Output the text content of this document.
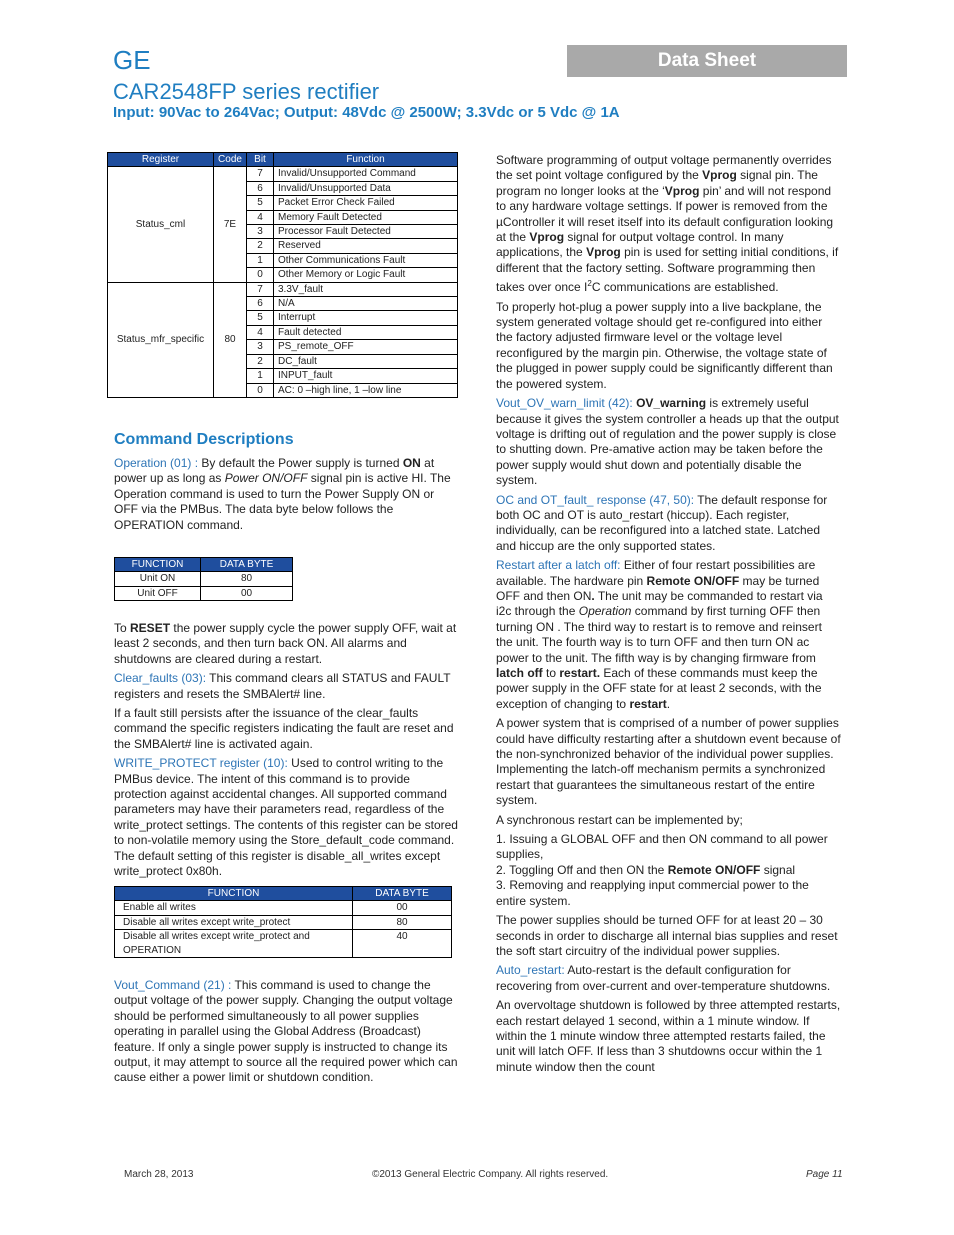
GE	Data Sheet
CAR2548FP series rectifier
Input: 90Vac to 264Vac; Output: 48Vdc @ 2500W; 3.3Vdc or 5 Vdc @ 1A
Register	Code	Bit	Function
Status_cml	7E	7	Invalid/Unsupported Command
		6	Invalid/Unsupported Data
		5	Packet Error Check Failed
		4	Memory Fault Detected
		3	Processor Fault Detected
		2	Reserved
		1	Other Communications Fault
		0	Other Memory or Logic Fault
Status_mfr_specific	80	7	3.3V_fault
		6	N/A
		5	Interrupt
		4	Fault detected
		3	PS_remote_OFF
		2	DC_fault
		1	INPUT_fault
		0	AC: 0 –high line, 1 –low line
Command Descriptions

Operation (01) : By default the Power supply is turned ON at power up as long as Power ON/OFF signal pin is active HI. The Operation command is used to turn the Power Supply ON or OFF via the PMBus. The data byte below follows the OPERATION command.

FUNCTION	DATA BYTE
Unit ON	80
Unit OFF	00

To RESET the power supply cycle the power supply OFF, wait at least 2 seconds, and then turn back ON. All alarms and shutdowns are cleared during a restart.

Clear_faults (03): This command clears all STATUS and FAULT registers and resets the SMBAlert# line.

If a fault still persists after the issuance of the clear_faults command the specific registers indicating the fault are reset and the SMBAlert# line is activated again.

WRITE_PROTECT register (10): Used to control writing to the PMBus device. The intent of this command is to provide protection against accidental changes. All supported command parameters may have their parameters read, regardless of the write_protect settings. The contents of this register can be stored to non-volatile memory using the Store_default_code command. The default setting of this register is disable_all_writes except write_protect 0x80h.

FUNCTION	DATA BYTE
Enable all writes	00
Disable all writes except write_protect	80
Disable all writes except write_protect and OPERATION	40

Vout_Command (21) : This command is used to change the output voltage of the power supply. Changing the output voltage should be performed simultaneously to all power supplies operating in parallel using the Global Address (Broadcast) feature. If only a single power supply is instructed to change its output, it may attempt to source all the required power which can cause either a power limit or shutdown condition.

Software programming of output voltage permanently overrides the set point voltage configured by the Vprog signal pin. The program no longer looks at the ‘Vprog pin’ and will not respond to any hardware voltage settings. If power is removed from the µController it will reset itself into its default configuration looking at the Vprog signal for output voltage control. In many applications, the Vprog pin is used for setting initial conditions, if different that the factory setting. Software programming then takes over once $I^2C$ communications are established.

To properly hot-plug a power supply into a live backplane, the system generated voltage should get re-configured into either the factory adjusted firmware level or the voltage level reconfigured by the margin pin. Otherwise, the voltage state of the plugged in power supply could be significantly different than the powered system.

Vout_OV_warn_limit (42): OV_warning is extremely useful because it gives the system controller a heads up that the output voltage is drifting out of regulation and the power supply is close to shutting down. Pre-amative action may be taken before the power supply would shut down and potentially disable the system.

OC and OT_fault_ response (47, 50): The default response for both OC and OT is auto_restart (hiccup). Each register, individually, can be reconfigured into a latched state. Latched and hiccup are the only supported states.

Restart after a latch off: Either of four restart possibilities are available. The hardware pin Remote ON/OFF may be turned OFF and then ON. The unit may be commanded to restart via i2c through the Operation command by first turning OFF then turning ON . The third way to restart is to remove and reinsert the unit. The fourth way is to turn OFF and then turn ON ac power to the unit. The fifth way is by changing firmware from latch off to restart. Each of these commands must keep the power supply in the OFF state for at least 2 seconds, with the exception of changing to restart.

A power system that is comprised of a number of power supplies could have difficulty restarting after a shutdown event because of the non-synchronized behavior of the individual power supplies. Implementing the latch-off mechanism permits a synchronized restart that guarantees the simultaneous restart of the entire system.

A synchronous restart can be implemented by;

1. Issuing a GLOBAL OFF and then ON command to all power supplies,
2. Toggling Off and then ON the Remote ON/OFF signal
3. Removing and reapplying input commercial power to the entire system.

The power supplies should be turned OFF for at least 20 – 30 seconds in order to discharge all internal bias supplies and reset the soft start circuitry of the individual power supplies.

Auto_restart: Auto-restart is the default configuration for recovering from over-current and over-temperature shutdowns.

An overvoltage shutdown is followed by three attempted restarts, each restart delayed 1 second, within a 1 minute window. If within the 1 minute window three attempted restarts failed, the unit will latch OFF. If less than 3 shutdowns occur within the 1 minute window then the count

March 28, 2013	©2013 General Electric Company. All rights reserved.	Page 11
